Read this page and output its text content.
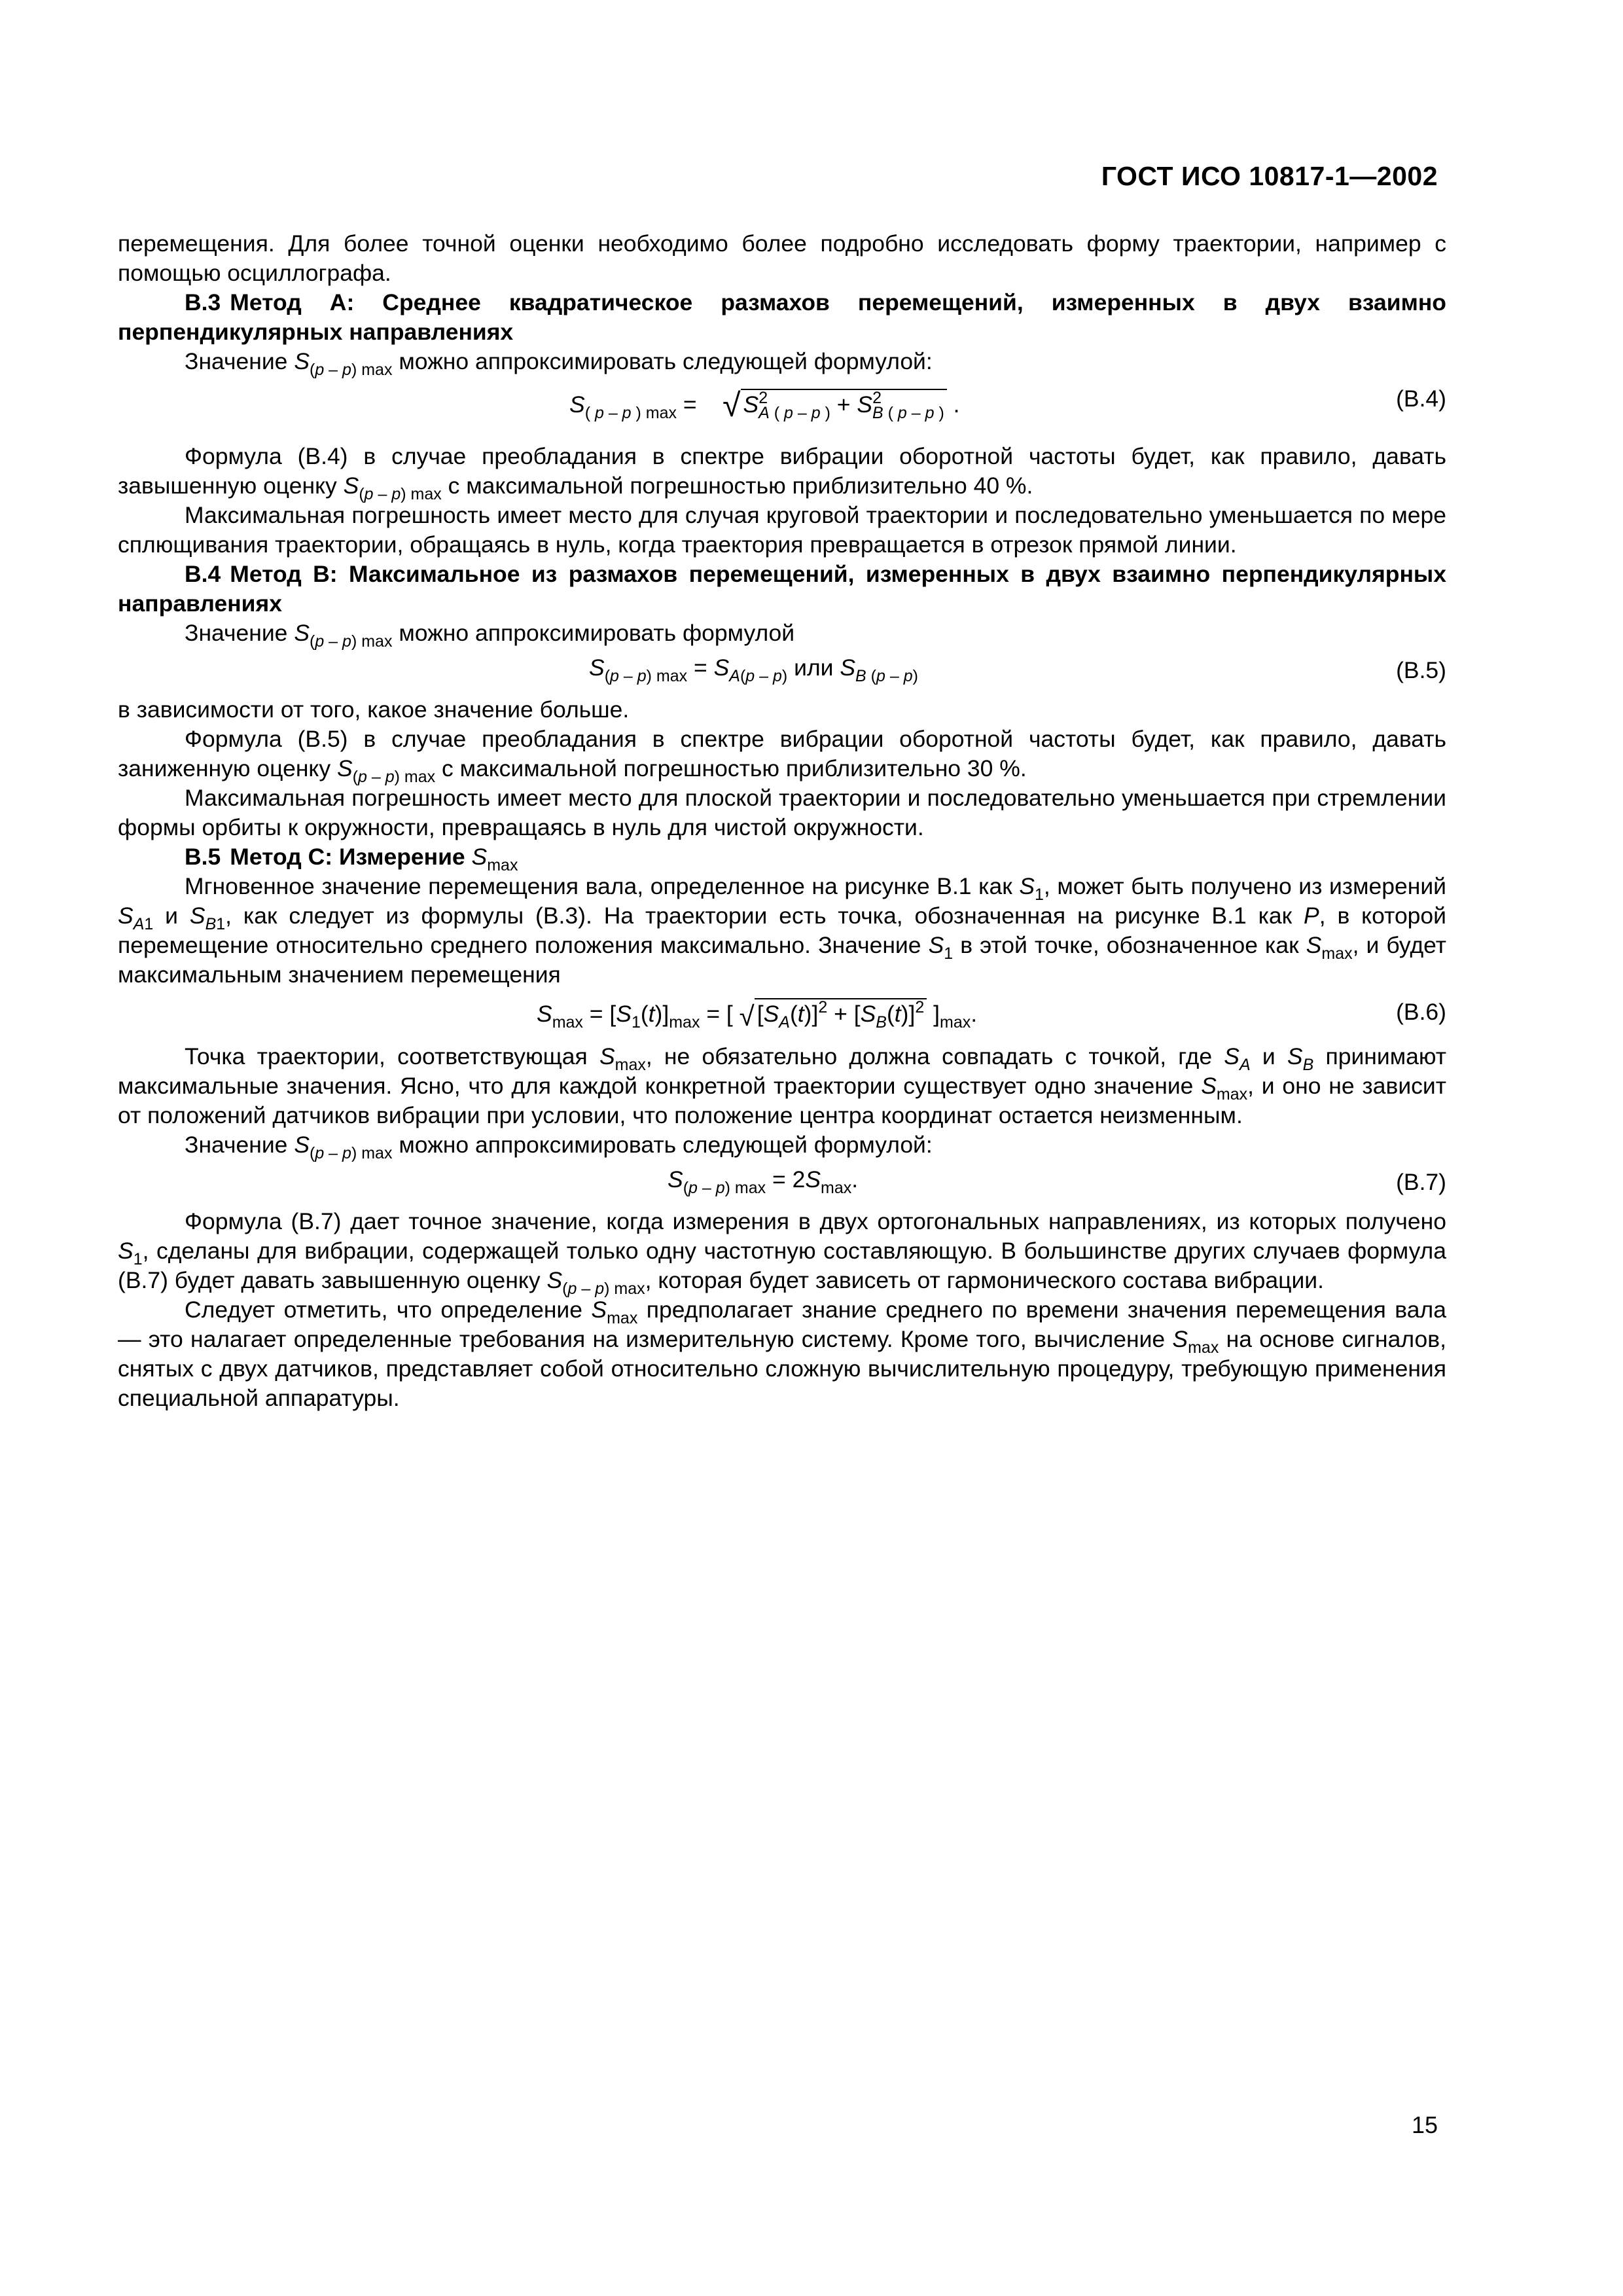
ГОСТ ИСО 10817-1—2002

перемещения. Для более точной оценки необходимо более подробно исследовать форму траектории, например с помощью осциллографа.

В.3 Метод А: Среднее квадратическое размахов перемещений, измеренных в двух взаимно перпендикулярных направлениях

Значение $S_{(p - p) max}$ можно аппроксимировать следующей формулой:

$S_{( p - p ) max}$ =    √ $S^2_{A ( p - p )} + S^2_{B ( p - p )}$ .	(В.4)

Формула (В.4) в случае преобладания в спектре вибрации оборотной частоты будет, как правило, давать завышенную оценку $S_{(p - p) max}$ с максимальной погрешностью приблизительно 40 %.

Максимальная погрешность имеет место для случая круговой траектории и последовательно уменьшается по мере сплющивания траектории, обращаясь в нуль, когда траектория превращается в отрезок прямой линии.

В.4 Метод В: Максимальное из размахов перемещений, измеренных в двух взаимно перпендикулярных направлениях

Значение $S_{(p - p) max}$ можно аппроксимировать формулой

$S_{(p - p) max} = S_{A(p - p)}$ или $S_{B (p - p)}$	(В.5)

в зависимости от того, какое значение больше.

Формула (В.5) в случае преобладания в спектре вибрации оборотной частоты будет, как правило, давать заниженную оценку $S_{(p - p) max}$ с максимальной погрешностью приблизительно 30 %.

Максимальная погрешность имеет место для плоской траектории и последовательно уменьшается при стремлении формы орбиты к окружности, превращаясь в нуль для чистой окружности.

В.5 Метод С: Измерение $S_{max}$

Мгновенное значение перемещения вала, определенное на рисунке В.1 как $S_1$, может быть получено из измерений $S_{A1}$ и $S_{B1}$, как следует из формулы (В.3). На траектории есть точка, обозначенная на рисунке В.1 как P, в которой перемещение относительно среднего положения максимально. Значение $S_1$ в этой точке, обозначенное как $S_{max}$, и будет максимальным значением перемещения

$S_{max} = [S_1(t)]_{max}$ = [ √ $[S_A(t)]^2 + [S_B(t)]^2$ ]$_{max}$.	(В.6)

Точка траектории, соответствующая $S_{max}$, не обязательно должна совпадать с точкой, где $S_A$ и $S_B$ принимают максимальные значения. Ясно, что для каждой конкретной траектории существует одно значение $S_{max}$, и оно не зависит от положений датчиков вибрации при условии, что положение центра координат остается неизменным.

Значение $S_{(p - p) max}$ можно аппроксимировать следующей формулой:

$S_{(p - p) max} = 2S_{max}$.	(В.7)

Формула (В.7) дает точное значение, когда измерения в двух ортогональных направлениях, из которых получено $S_1$, сделаны для вибрации, содержащей только одну частотную составляющую. В большинстве других случаев формула (В.7) будет давать завышенную оценку $S_{(p - p) max}$, которая будет зависеть от гармонического состава вибрации.

Следует отметить, что определение $S_{max}$ предполагает знание среднего по времени значения перемещения вала — это налагает определенные требования на измерительную систему. Кроме того, вычисление $S_{max}$ на основе сигналов, снятых с двух датчиков, представляет собой относительно сложную вычислительную процедуру, требующую применения специальной аппаратуры.

15
